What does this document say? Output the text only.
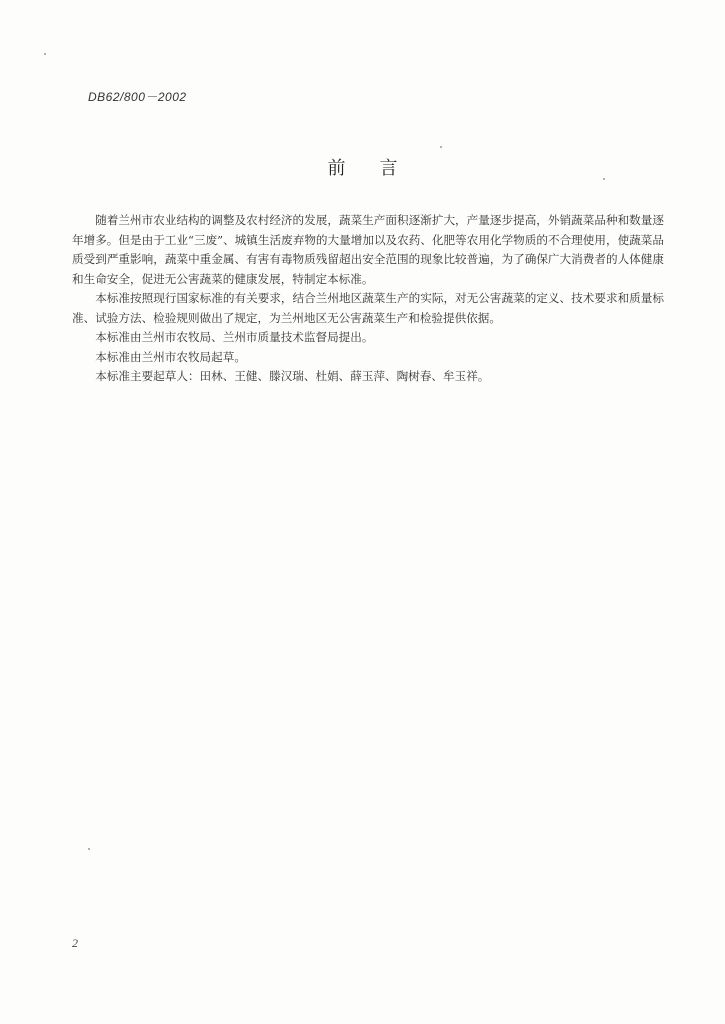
DB62/800－2002
前言

随着兰州市农业结构的调整及农村经济的发展，蔬菜生产面积逐渐扩大，产量逐步提高，外销蔬菜品种和数量逐年增多。但是由于工业“三废”、城镇生活废弃物的大量增加以及农药、化肥等农用化学物质的不合理使用，使蔬菜品质受到严重影响，蔬菜中重金属、有害有毒物质残留超出安全范围的现象比较普遍，为了确保广大消费者的人体健康和生命安全，促进无公害蔬菜的健康发展，特制定本标准。

本标准按照现行国家标准的有关要求，结合兰州地区蔬菜生产的实际，对无公害蔬菜的定义、技术要求和质量标准、试验方法、检验规则做出了规定，为兰州地区无公害蔬菜生产和检验提供依据。

本标准由兰州市农牧局、兰州市质量技术监督局提出。

本标准由兰州市农牧局起草。

本标准主要起草人：田林、王健、滕汉瑞、杜娟、薛玉萍、陶树春、牟玉祥。

2
